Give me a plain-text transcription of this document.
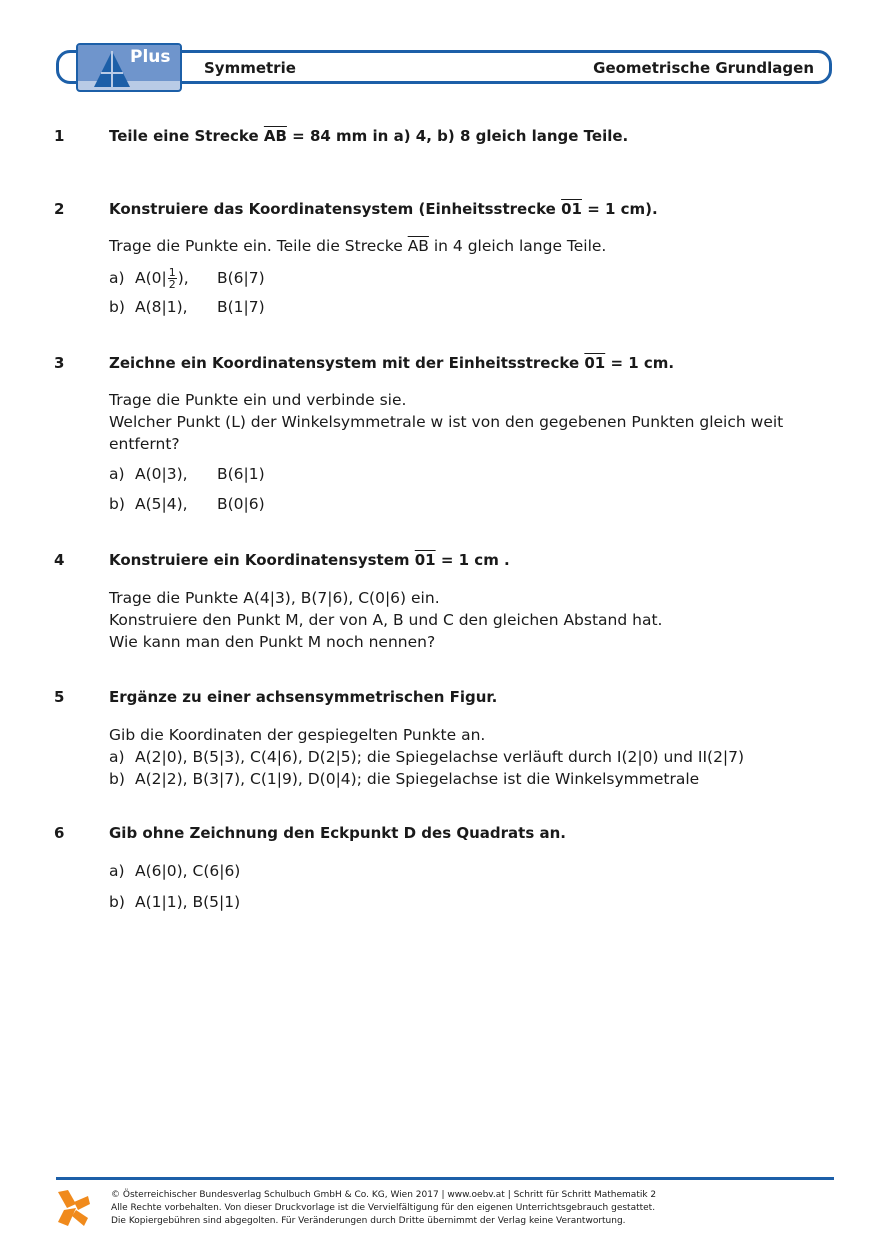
Plus
Symmetrie	Geometrische Grundlagen
1	Teile eine Strecke $\overline{AB} = 84$ mm in a) 4, b) 8 gleich lange Teile.
2	Konstruiere das Koordinatensystem (Einheitsstrecke 01 = 1 cm).
Trage die Punkte ein. Teile die Strecke $\overline{AB}$ in 4 gleich lange Teile.
a) $A(0| \frac{1}{2}$ ), B(6|7)
b) A(8|1), B(1|7)
3	Zeichne ein Koordinatensystem mit der Einheitsstrecke 01 = 1 cm.
Trage die Punkte ein und verbinde sie.
Welcher Punkt (L) der Winkelsymmetrale w ist von den gegebenen Punkten gleich weit
entfernt?
a) A(0|3), B(6|1)
b) A(5|4), B(0|6)
4	Konstruiere ein Koordinatensystem 01 = 1 cm .
Trage die Punkte A(4|3), B(7|6), C(0|6) ein.
Konstruiere den Punkt M, der von A, B und C den gleichen Abstand hat.
Wie kann man den Punkt M noch nennen?
5	Ergänze zu einer achsensymmetrischen Figur.
Gib die Koordinaten der gespiegelten Punkte an.
a) A(2|0), B(5|3), C(4|6), D(2|5); die Spiegelachse verläuft durch I(2|0) und II(2|7)
b) A(2|2), B(3|7), C(1|9), D(0|4); die Spiegelachse ist die Winkelsymmetrale
6	Gib ohne Zeichnung den Eckpunkt D des Quadrats an.
a) A(6|0), C(6|6)
b) A(1|1), B(5|1)
© Österreichischer Bundesverlag Schulbuch GmbH & Co. KG, Wien 2017 | www.oebv.at | Schritt für Schritt Mathematik 2
Alle Rechte vorbehalten. Von dieser Druckvorlage ist die Vervielfältigung für den eigenen Unterrichtsgebrauch gestattet.
Die Kopiergebühren sind abgegolten. Für Veränderungen durch Dritte übernimmt der Verlag keine Verantwortung.
